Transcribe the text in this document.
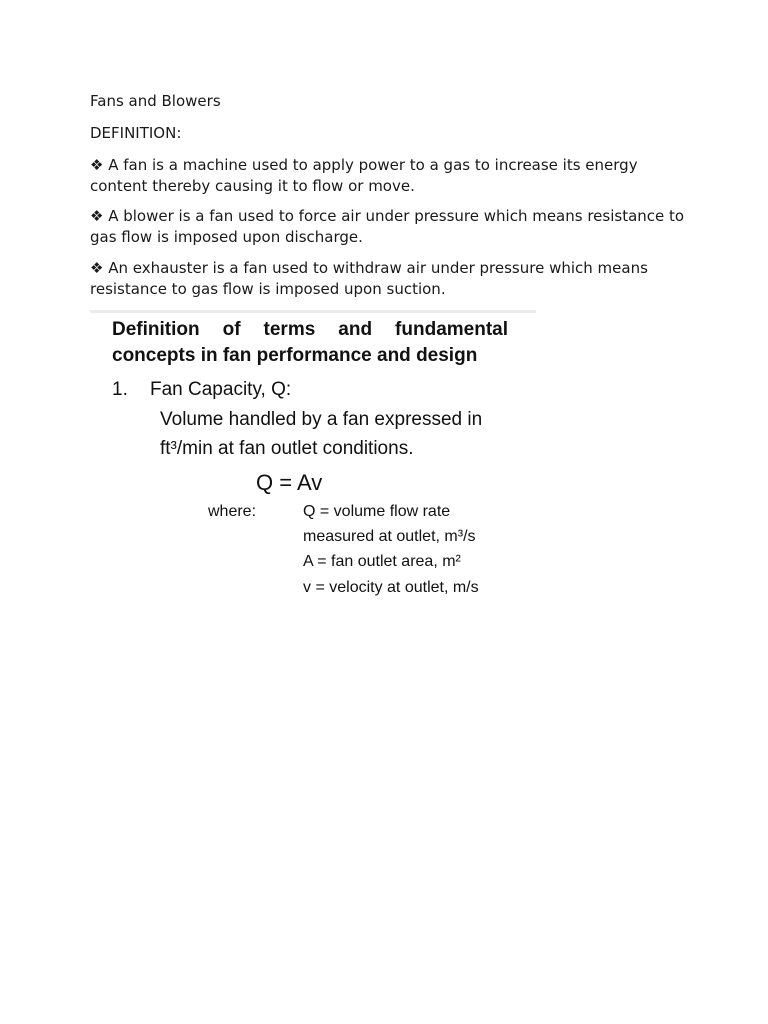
Fans and Blowers

DEFINITION:

❖ A fan is a machine used to apply power to a gas to increase its energy content thereby causing it to flow or move.

❖ A blower is a fan used to force air under pressure which means resistance to gas flow is imposed upon discharge.

❖ An exhauster is a fan used to withdraw air under pressure which means resistance to gas flow is imposed upon suction.

Definition of terms and fundamental

concepts in fan performance and design

1. Fan Capacity, Q:
Volume handled by a fan expressed in
ft³/min at fan outlet conditions.
Q = Av
where:	Q = volume flow rate
measured at outlet, m³/s
A = fan outlet area, m²
v = velocity at outlet, m/s
